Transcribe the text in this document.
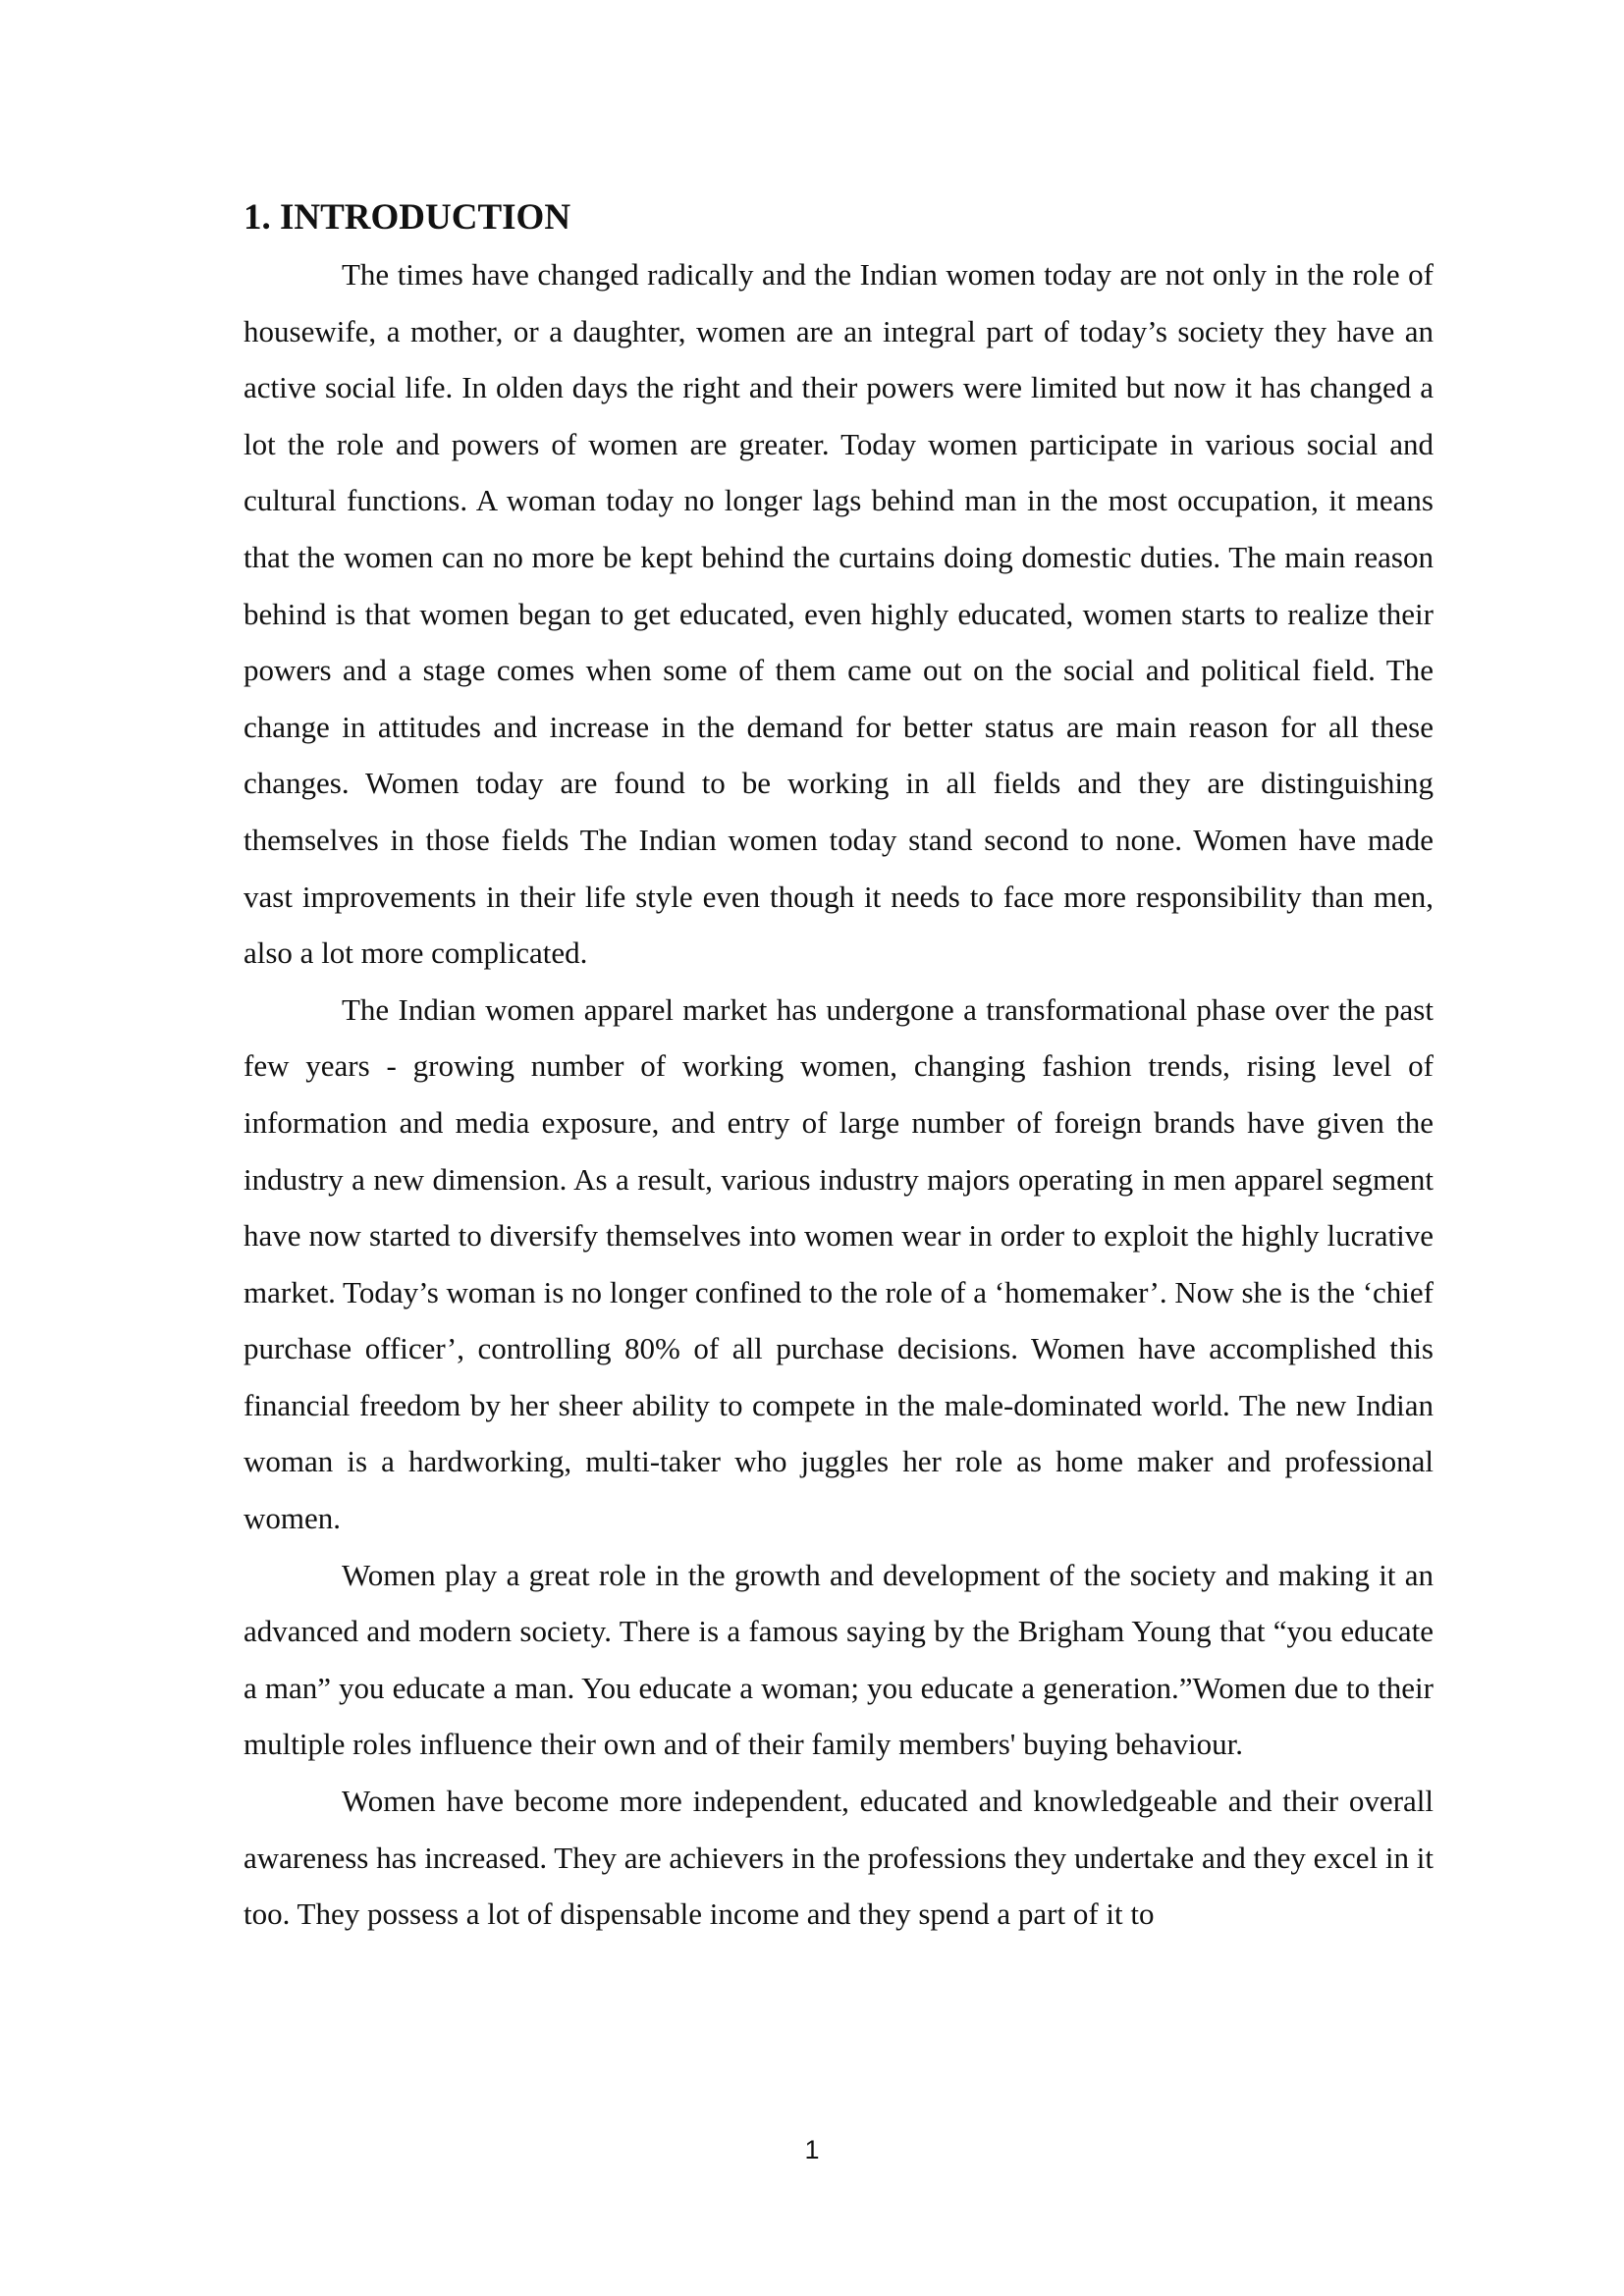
1. INTRODUCTION

The times have changed radically and the Indian women today are not only in the role of housewife, a mother, or a daughter, women are an integral part of today’s society they have an active social life. In olden days the right and their powers were limited but now it has changed a lot the role and powers of women are greater. Today women participate in various social and cultural functions. A woman today no longer lags behind man in the most occupation, it means that the women can no more be kept behind the curtains doing domestic duties. The main reason behind is that women began to get educated, even highly educated, women starts to realize their powers and a stage comes when some of them came out on the social and political field. The change in attitudes and increase in the demand for better status are main reason for all these changes. Women today are found to be working in all fields and they are distinguishing themselves in those fields The Indian women today stand second to none. Women have made vast improvements in their life style even though it needs to face more responsibility than men, also a lot more complicated.

The Indian women apparel market has undergone a transformational phase over the past few years - growing number of working women, changing fashion trends, rising level of information and media exposure, and entry of large number of foreign brands have given the industry a new dimension. As a result, various industry majors operating in men apparel segment have now started to diversify themselves into women wear in order to exploit the highly lucrative market. Today’s woman is no longer confined to the role of a ‘homemaker’. Now she is the ‘chief purchase officer’, controlling 80% of all purchase decisions. Women have accomplished this financial freedom by her sheer ability to compete in the male-dominated world. The new Indian woman is a hardworking, multi-taker who juggles her role as home maker and professional women.

Women play a great role in the growth and development of the society and making it an advanced and modern society. There is a famous saying by the Brigham Young that “you educate a man” you educate a man. You educate a woman; you educate a generation.”Women due to their multiple roles influence their own and of their family members' buying behaviour.

Women have become more independent, educated and knowledgeable and their overall awareness has increased. They are achievers in the professions they undertake and they excel in it too. They possess a lot of dispensable income and they spend a part of it to

1
